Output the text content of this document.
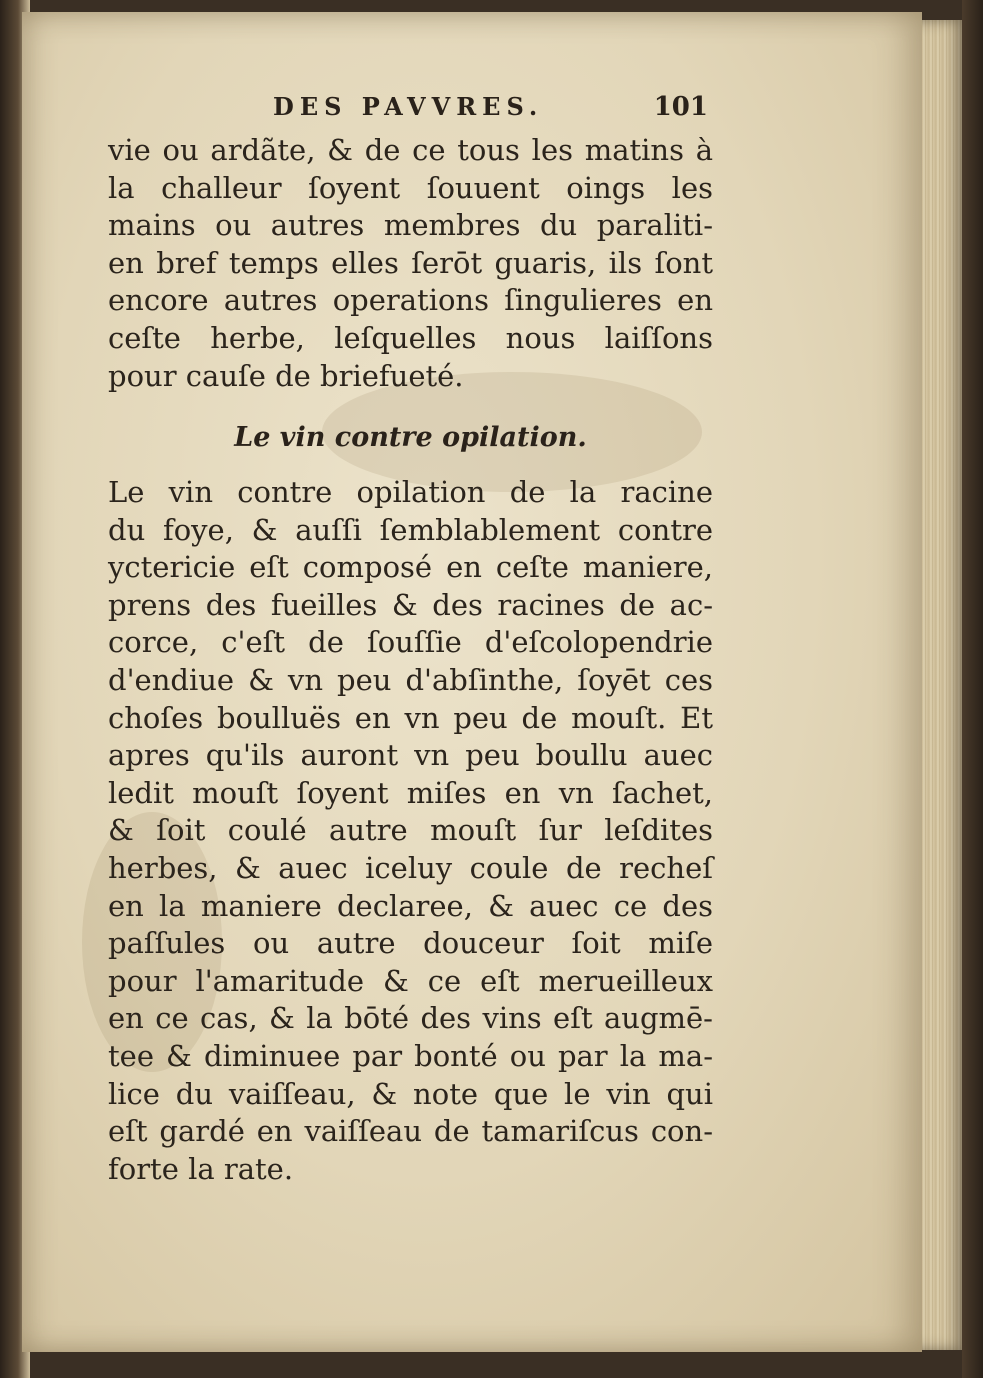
DES PAVVRES.	101
vie ou ardãte, & de ce tous les matins à
la challeur ſoyent ſouuent oings les
mains ou autres membres du paraliti-
en bref temps elles ſerōt guaris, ils ſont
encore autres operations ſingulieres en
ceſte herbe, leſquelles nous laiſſons
pour cauſe de briefueté.
Le vin contre opilation.
Le vin contre opilation de la racine
du foye, & auſſi ſemblablement contre
yctericie eſt composé en ceſte maniere,
prens des fueilles & des racines de ac-
corce, c'eſt de ſouſſie d'eſcolopendrie
d'endiue & vn peu d'abſinthe, ſoyēt ces
choſes boulluës en vn peu de mouſt. Et
apres qu'ils auront vn peu boullu auec
ledit mouſt ſoyent miſes en vn ſachet,
& ſoit coulé autre mouſt ſur leſdites
herbes, & auec iceluy coule de recheſ
en la maniere declaree, & auec ce des
paſſules ou autre douceur ſoit miſe
pour l'amaritude & ce eſt merueilleux
en ce cas, & la bōté des vins eſt augmē-
tee & diminuee par bonté ou par la ma-
lice du vaiſſeau, & note que le vin qui
eſt gardé en vaiſſeau de tamariſcus con-
forte la rate.
